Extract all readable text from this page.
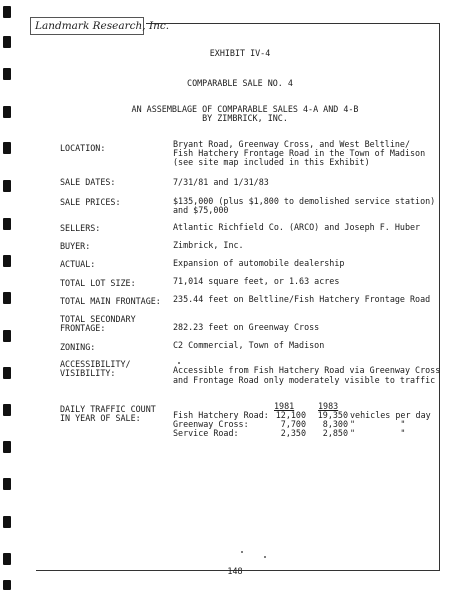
Landmark Research, Inc.
EXHIBIT IV-4
COMPARABLE SALE NO. 4
AN ASSEMBLAGE OF COMPARABLE SALES 4-A AND 4-B
BY ZIMBRICK, INC.
LOCATION:	Bryant Road, Greenway Cross, and West Beltline/
Fish Hatchery Frontage Road in the Town of Madison
(see site map included in this Exhibit)
SALE DATES:	7/31/81 and 1/31/83
SALE PRICES:	$135,000 (plus $1,800 to demolished service station)
and $75,000
SELLERS:	Atlantic Richfield Co. (ARCO) and Joseph F. Huber
BUYER:	Zimbrick, Inc.
ACTUAL:	Expansion of automobile dealership
TOTAL LOT SIZE:	71,014 square feet, or 1.63 acres
TOTAL MAIN FRONTAGE: 235.44 feet on Beltline/Fish Hatchery Frontage Road
TOTAL SECONDARY
FRONTAGE:	282.23 feet on Greenway Cross
ZONING:	C2 Commercial, Town of Madison
ACCESSIBILITY/
VISIBILITY:	Accessible from Fish Hatchery Road via Greenway Cross
and Frontage Road only moderately visible to traffic
DAILY TRAFFIC COUNT
IN YEAR OF SALE:
1981	1983
Fish Hatchery Road: 12,100	19,350 vehicles per day
Greenway Cross:	7,700	8,300 "         "
Service Road:	2,350	2,850 "         "
148
